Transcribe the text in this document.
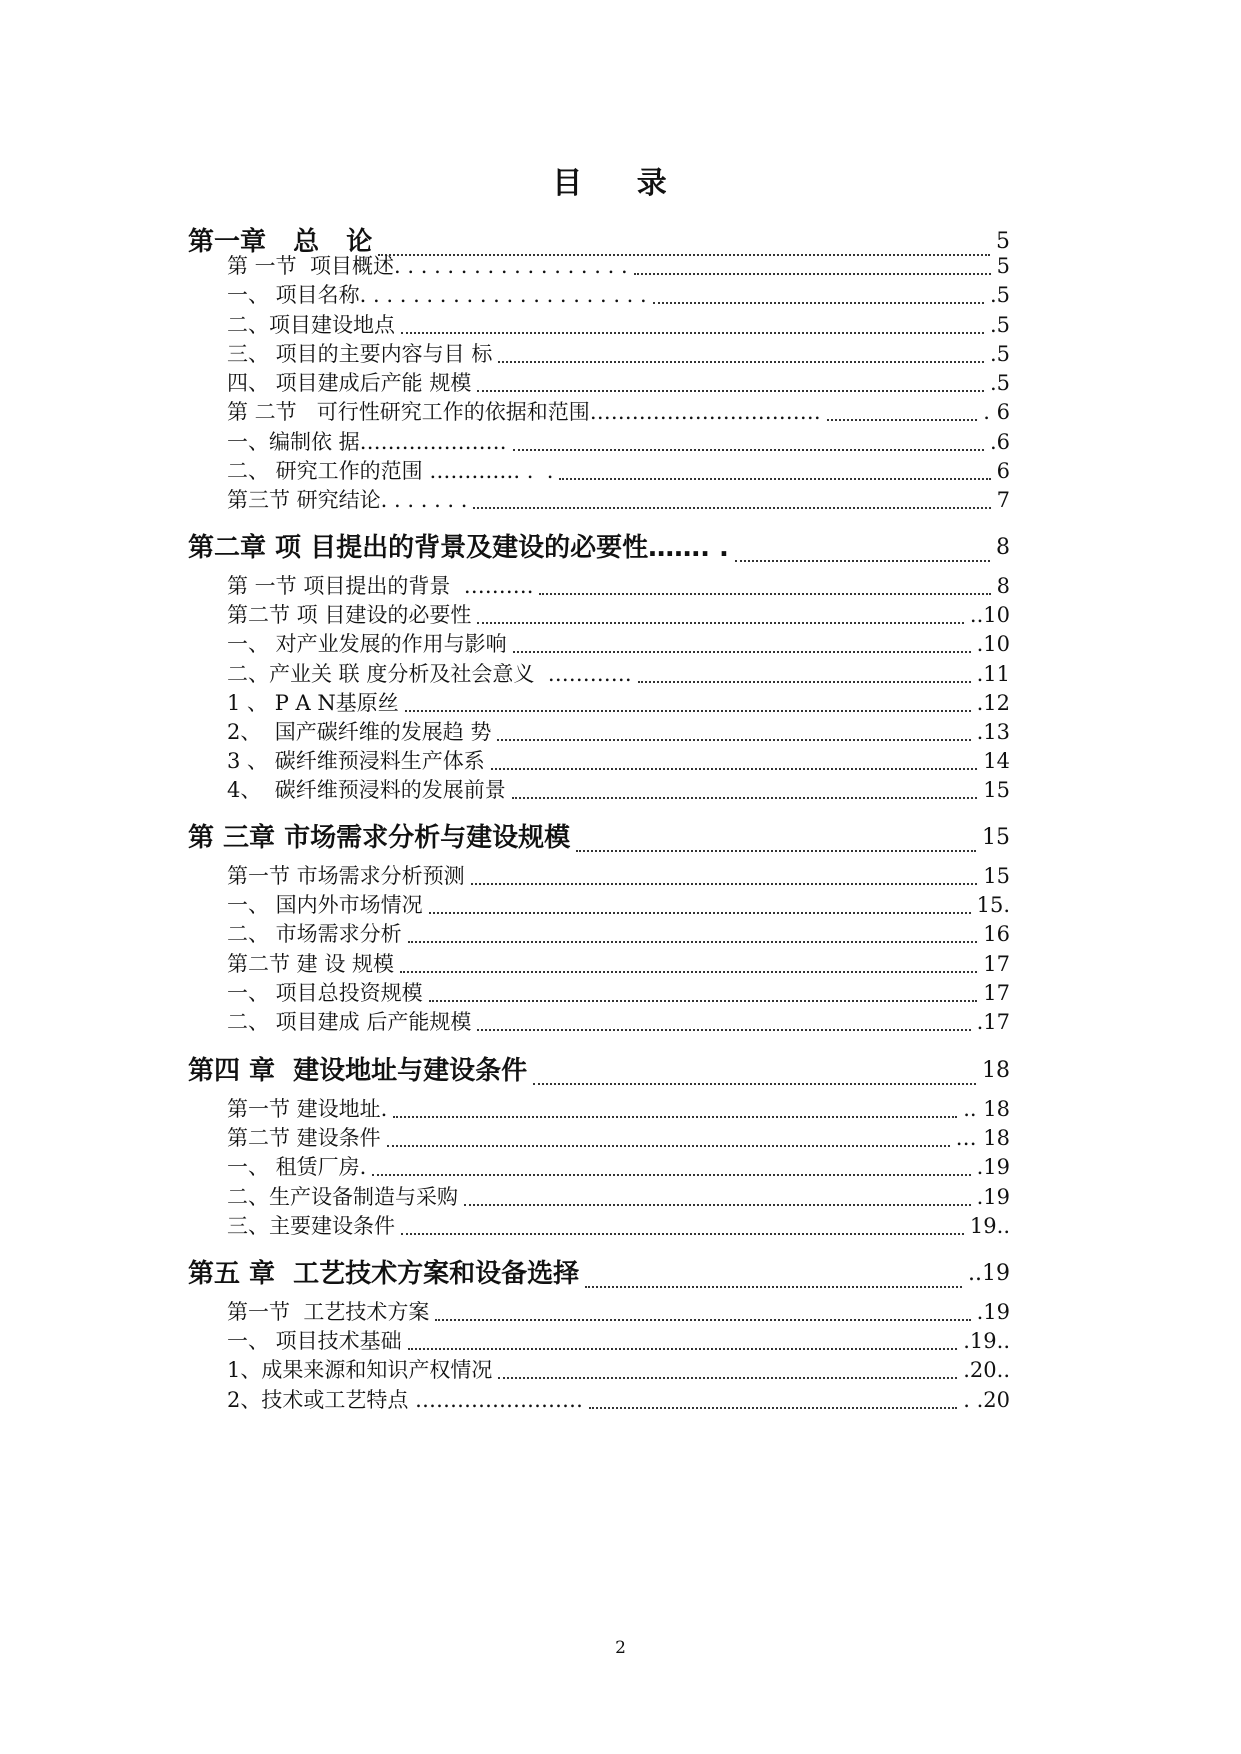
目 录
第一章   总   论	5
第 一节  项目概述. . . . . . . . . . . . . . . . . .	5
一、 项目名称. . . . . . . . . . . . . . . . . . . . . .	.5
二、项目建设地点	.5
三、 项目的主要内容与目 标	.5
四、 项目建成后产能 规模	.5
第 二节   可行性研究工作的依据和范围……………………………	. 6
一、编制依 据…………………	.6
二、 研究工作的范围 …………. .  .	6
第三节 研究结论. . . . . . .	7
第二章 项 目提出的背景及建设的必要性……. .	8
第 一节 项目提出的背景  ……….	8
第二节 项 目建设的必要性	..10
一、 对产业发展的作用与影响	.10
二、产业关 联 度分析及社会意义  …………	.11
1 、 P A N基原丝	.12
2、  国产碳纤维的发展趋 势	.13
3 、 碳纤维预浸料生产体系	14
4、  碳纤维预浸料的发展前景	15
第 三章 市场需求分析与建设规模	15
第一节 市场需求分析预测	15
一、 国内外市场情况	15.
二、 市场需求分析	16
第二节 建 设 规模	17
一、 项目总投资规模	17
二、 项目建成 后产能规模	.17
第四 章  建设地址与建设条件	18
第一节 建设地址.	.. 18
第二节 建设条件	… 18
一、 租赁厂房.	.19
二、生产设备制造与采购	.19
三、主要建设条件	19..
第五 章  工艺技术方案和设备选择	..19
第一节  工艺技术方案	.19
一、 项目技术基础	.19..
1、成果来源和知识产权情况	.20..
2、技术或工艺特点 ……………………	. .20
2
